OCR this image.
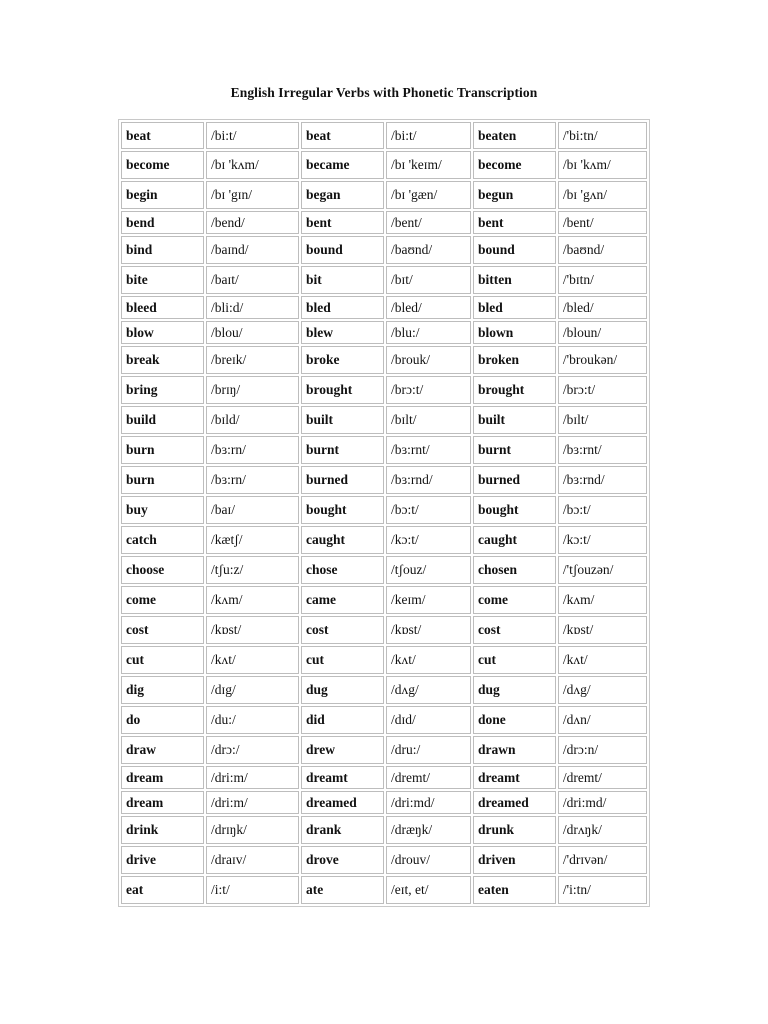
English Irregular Verbs with Phonetic Transcription
beat	/bi:t/	beat	/bi:t/	beaten	/'bi:tn/
become	/bɪ 'kʌm/	became	/bɪ 'keɪm/	become	/bɪ 'kʌm/
begin	/bɪ 'gɪn/	began	/bɪ 'gæn/	begun	/bɪ 'gʌn/
bend	/bend/	bent	/bent/	bent	/bent/
bind	/baɪnd/	bound	/baʊnd/	bound	/baʊnd/
bite	/baɪt/	bit	/bɪt/	bitten	/'bɪtn/
bleed	/bli:d/	bled	/bled/	bled	/bled/
blow	/blou/	blew	/blu:/	blown	/bloun/
break	/breɪk/	broke	/brouk/	broken	/'broukən/
bring	/brɪŋ/	brought	/brɔ:t/	brought	/brɔ:t/
build	/bɪld/	built	/bɪlt/	built	/bɪlt/
burn	/bɜ:rn/	burnt	/bɜ:rnt/	burnt	/bɜ:rnt/
burn	/bɜ:rn/	burned	/bɜ:rnd/	burned	/bɜ:rnd/
buy	/baɪ/	bought	/bɔ:t/	bought	/bɔ:t/
catch	/kætʃ/	caught	/kɔ:t/	caught	/kɔ:t/
choose	/tʃu:z/	chose	/tʃouz/	chosen	/'tʃouzən/
come	/kʌm/	came	/keɪm/	come	/kʌm/
cost	/kɒst/	cost	/kɒst/	cost	/kɒst/
cut	/kʌt/	cut	/kʌt/	cut	/kʌt/
dig	/dɪg/	dug	/dʌg/	dug	/dʌg/
do	/du:/	did	/dɪd/	done	/dʌn/
draw	/drɔ:/	drew	/dru:/	drawn	/drɔ:n/
dream	/dri:m/	dreamt	/dremt/	dreamt	/dremt/
dream	/dri:m/	dreamed	/dri:md/	dreamed	/dri:md/
drink	/drɪŋk/	drank	/dræŋk/	drunk	/drʌŋk/
drive	/draɪv/	drove	/drouv/	driven	/'drɪvən/
eat	/i:t/	ate	/eɪt, et/	eaten	/'i:tn/
